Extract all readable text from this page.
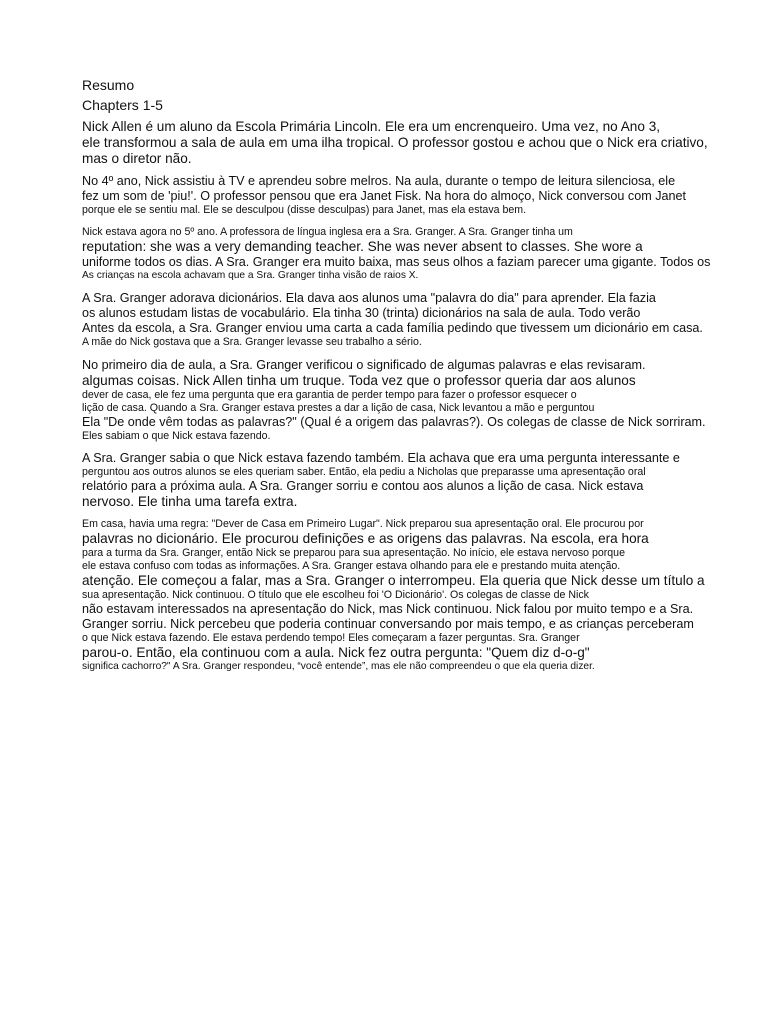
Resumo
Chapters 1-5
Nick Allen é um aluno da Escola Primária Lincoln. Ele era um encrenqueiro. Uma vez, no Ano 3,
ele transformou a sala de aula em uma ilha tropical. O professor gostou e achou que o Nick era criativo,
mas o diretor não.
No 4º ano, Nick assistiu à TV e aprendeu sobre melros. Na aula, durante o tempo de leitura silenciosa, ele
fez um som de 'piu!'. O professor pensou que era Janet Fisk. Na hora do almoço, Nick conversou com Janet
porque ele se sentiu mal. Ele se desculpou (disse desculpas) para Janet, mas ela estava bem.
Nick estava agora no 5º ano. A professora de língua inglesa era a Sra. Granger. A Sra. Granger tinha um
reputation: she was a very demanding teacher. She was never absent to classes. She wore a
uniforme todos os dias. A Sra. Granger era muito baixa, mas seus olhos a faziam parecer uma gigante. Todos os
As crianças na escola achavam que a Sra. Granger tinha visão de raios X.
A Sra. Granger adorava dicionários. Ela dava aos alunos uma "palavra do dia" para aprender. Ela fazia
os alunos estudam listas de vocabulário. Ela tinha 30 (trinta) dicionários na sala de aula. Todo verão
Antes da escola, a Sra. Granger enviou uma carta a cada família pedindo que tivessem um dicionário em casa.
A mãe do Nick gostava que a Sra. Granger levasse seu trabalho a sério.
No primeiro dia de aula, a Sra. Granger verificou o significado de algumas palavras e elas revisaram.
algumas coisas. Nick Allen tinha um truque. Toda vez que o professor queria dar aos alunos
dever de casa, ele fez uma pergunta que era garantia de perder tempo para fazer o professor esquecer o
lição de casa. Quando a Sra. Granger estava prestes a dar a lição de casa, Nick levantou a mão e perguntou
Ela "De onde vêm todas as palavras?" (Qual é a origem das palavras?). Os colegas de classe de Nick sorriram.
Eles sabiam o que Nick estava fazendo.
A Sra. Granger sabia o que Nick estava fazendo também. Ela achava que era uma pergunta interessante e
perguntou aos outros alunos se eles queriam saber. Então, ela pediu a Nicholas que preparasse uma apresentação oral
relatório para a próxima aula. A Sra. Granger sorriu e contou aos alunos a lição de casa. Nick estava
nervoso. Ele tinha uma tarefa extra.
Em casa, havia uma regra: "Dever de Casa em Primeiro Lugar". Nick preparou sua apresentação oral. Ele procurou por
palavras no dicionário. Ele procurou definições e as origens das palavras. Na escola, era hora
para a turma da Sra. Granger, então Nick se preparou para sua apresentação. No início, ele estava nervoso porque
ele estava confuso com todas as informações. A Sra. Granger estava olhando para ele e prestando muita atenção.
atenção. Ele começou a falar, mas a Sra. Granger o interrompeu. Ela queria que Nick desse um título a
sua apresentação. Nick continuou. O título que ele escolheu foi 'O Dicionário'. Os colegas de classe de Nick
não estavam interessados na apresentação do Nick, mas Nick continuou. Nick falou por muito tempo e a Sra.
Granger sorriu. Nick percebeu que poderia continuar conversando por mais tempo, e as crianças perceberam
o que Nick estava fazendo. Ele estava perdendo tempo! Eles começaram a fazer perguntas. Sra. Granger
parou-o. Então, ela continuou com a aula. Nick fez outra pergunta: "Quem diz d-o-g"
significa cachorro?" A Sra. Granger respondeu, “você entende”, mas ele não compreendeu o que ela queria dizer.
